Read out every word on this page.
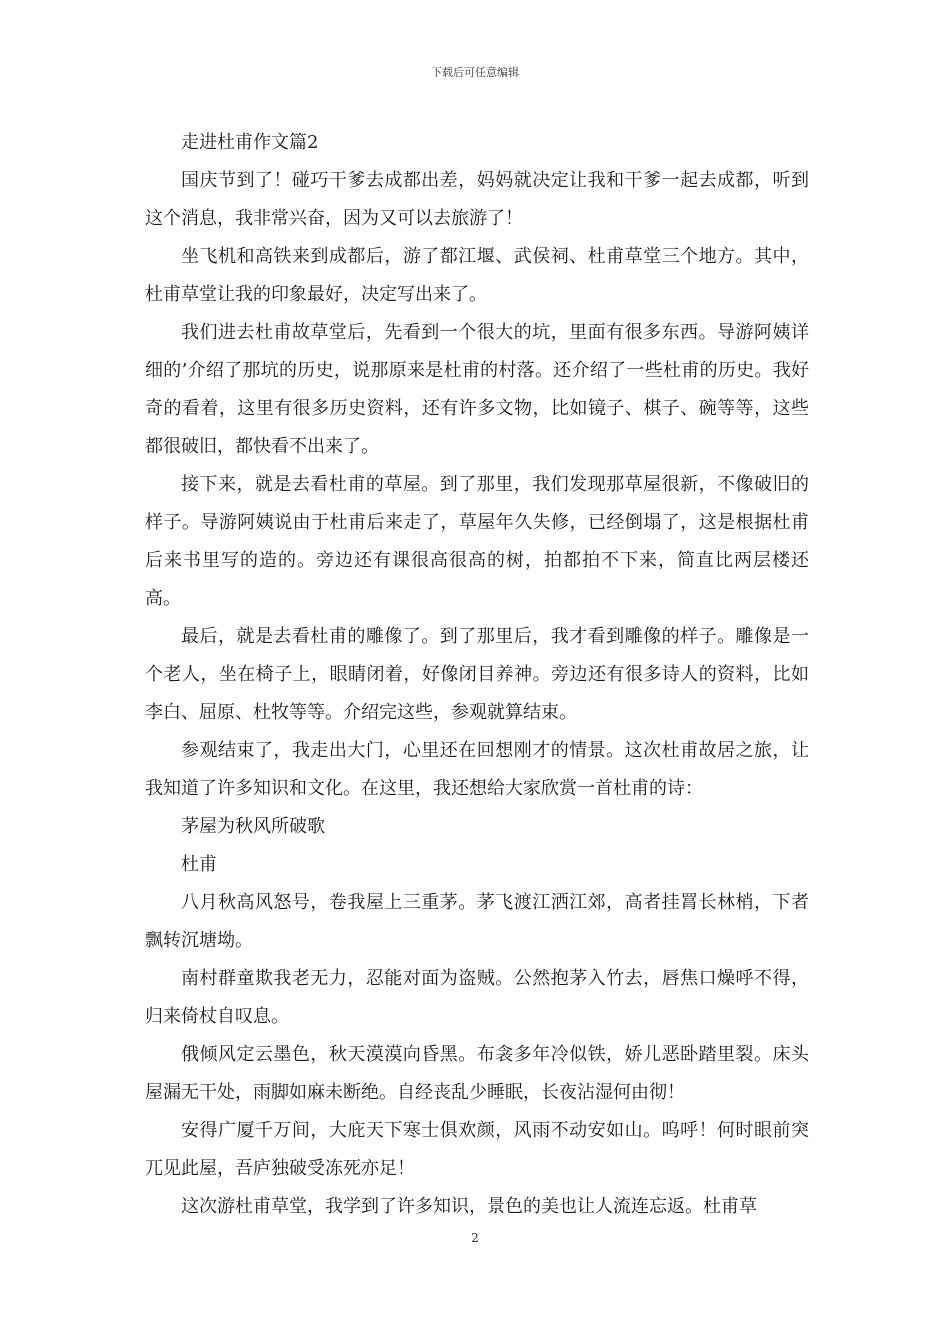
下载后可任意编辑

走进杜甫作文篇2

国庆节到了！碰巧干爹去成都出差，妈妈就决定让我和干爹一起去成都，听到这个消息，我非常兴奋，因为又可以去旅游了！

坐飞机和高铁来到成都后，游了都江堰、武侯祠、杜甫草堂三个地方。其中，杜甫草堂让我的印象最好，决定写出来了。

我们进去杜甫故草堂后，先看到一个很大的坑，里面有很多东西。导游阿姨详细的’介绍了那坑的历史，说那原来是杜甫的村落。还介绍了一些杜甫的历史。我好奇的看着，这里有很多历史资料，还有许多文物，比如镜子、棋子、碗等等，这些都很破旧，都快看不出来了。

接下来，就是去看杜甫的草屋。到了那里，我们发现那草屋很新，不像破旧的样子。导游阿姨说由于杜甫后来走了，草屋年久失修，已经倒塌了，这是根据杜甫后来书里写的造的。旁边还有课很高很高的树，拍都拍不下来，简直比两层楼还高。

最后，就是去看杜甫的雕像了。到了那里后，我才看到雕像的样子。雕像是一个老人，坐在椅子上，眼睛闭着，好像闭目养神。旁边还有很多诗人的资料，比如李白、屈原、杜牧等等。介绍完这些，参观就算结束。

参观结束了，我走出大门，心里还在回想刚才的情景。这次杜甫故居之旅，让我知道了许多知识和文化。在这里，我还想给大家欣赏一首杜甫的诗：

茅屋为秋风所破歌

杜甫

八月秋高风怒号，卷我屋上三重茅。茅飞渡江洒江郊，高者挂罥长林梢，下者飘转沉塘坳。

南村群童欺我老无力，忍能对面为盗贼。公然抱茅入竹去，唇焦口燥呼不得，归来倚杖自叹息。

俄倾风定云墨色，秋天漠漠向昏黑。布衾多年冷似铁，娇儿恶卧踏里裂。床头屋漏无干处，雨脚如麻未断绝。自经丧乱少睡眠，长夜沾湿何由彻！

安得广厦千万间，大庇天下寒士俱欢颜，风雨不动安如山。呜呼！何时眼前突兀见此屋，吾庐独破受冻死亦足！

这次游杜甫草堂，我学到了许多知识，景色的美也让人流连忘返。杜甫草

2
